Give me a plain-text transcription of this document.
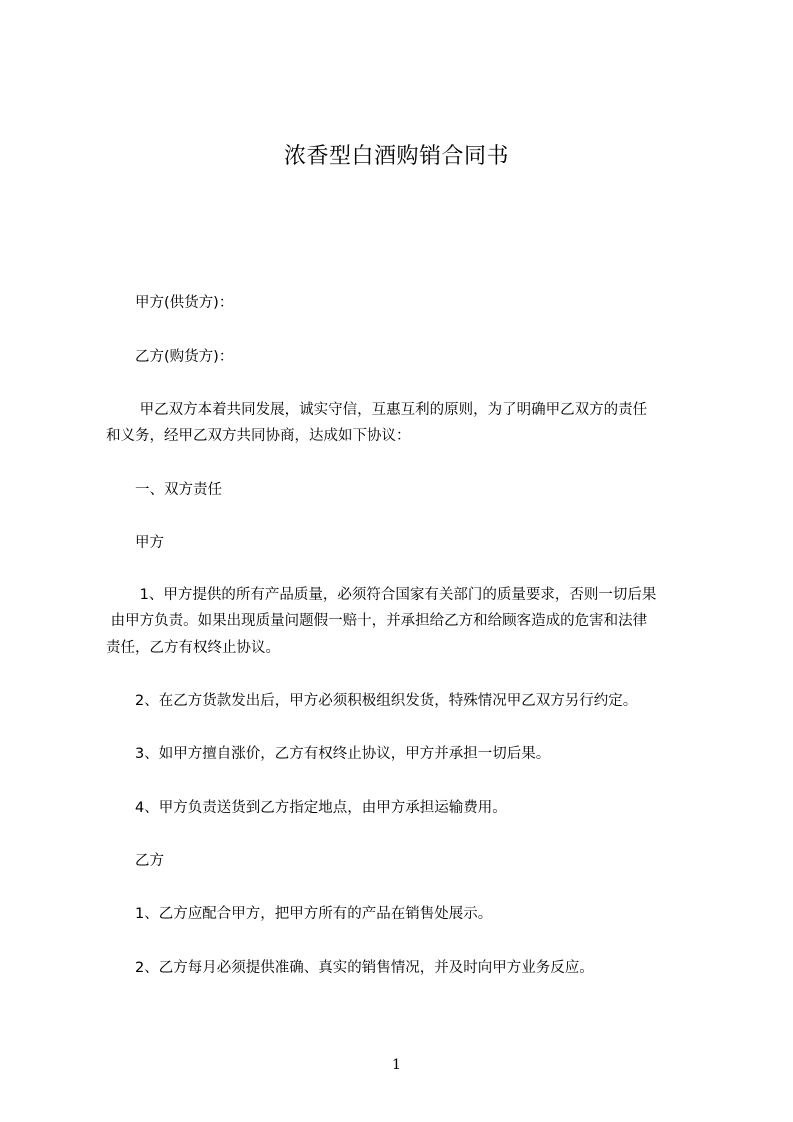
浓香型白酒购销合同书
　　甲方(供货方)：
　　乙方(购货方)：
　　 甲乙双方本着共同发展，诚实守信，互惠互利的原则，为了明确甲乙双方的责任
和义务，经甲乙双方共同协商，达成如下协议：
　　一、双方责任
　　甲方
　　 1、甲方提供的所有产品质量，必须符合国家有关部门的质量要求，否则一切后果
由甲方负责。如果出现质量问题假一赔十，并承担给乙方和给顾客造成的危害和法律
责任，乙方有权终止协议。
　　2、在乙方货款发出后，甲方必须积极组织发货，特殊情况甲乙双方另行约定。
　　3、如甲方擅自涨价，乙方有权终止协议，甲方并承担一切后果。
　　4、甲方负责送货到乙方指定地点，由甲方承担运输费用。
　　乙方
　　1、乙方应配合甲方，把甲方所有的产品在销售处展示。
　　2、乙方每月必须提供准确、真实的销售情况，并及时向甲方业务反应。
1
